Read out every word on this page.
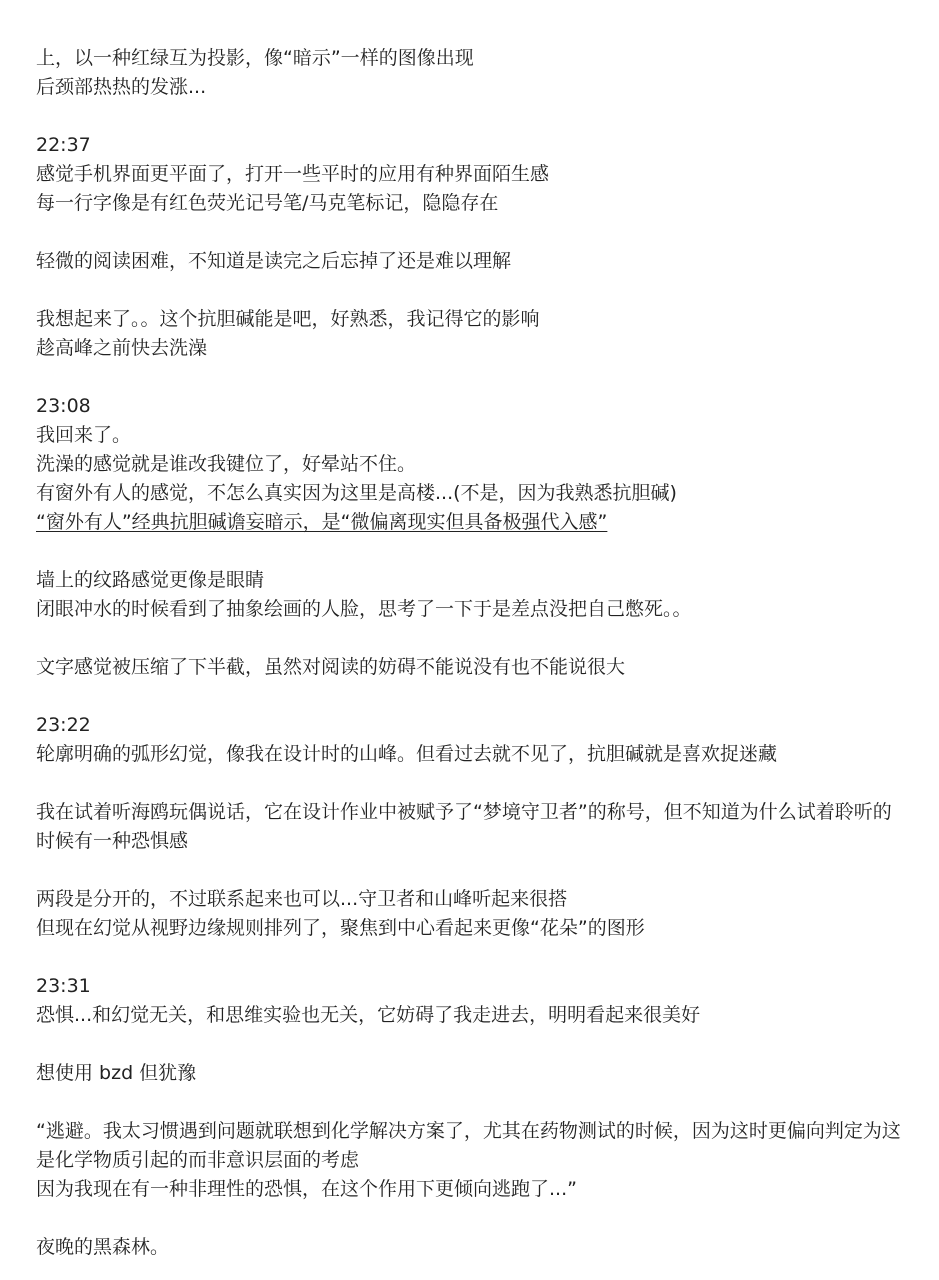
上，以一种红绿互为投影，像“暗示”一样的图像出现
后颈部热热的发涨...
22:37
感觉手机界面更平面了，打开一些平时的应用有种界面陌生感
每一行字像是有红色荧光记号笔/马克笔标记，隐隐存在
轻微的阅读困难，不知道是读完之后忘掉了还是难以理解
我想起来了。。这个抗胆碱能是吧，好熟悉，我记得它的影响
趁高峰之前快去洗澡
23:08
我回来了。
洗澡的感觉就是谁改我键位了，好晕站不住。
有窗外有人的感觉，不怎么真实因为这里是高楼...(不是，因为我熟悉抗胆碱)
“窗外有人”经典抗胆碱谵妄暗示，是“微偏离现实但具备极强代入感”
墙上的纹路感觉更像是眼睛
闭眼冲水的时候看到了抽象绘画的人脸，思考了一下于是差点没把自己憋死。。
文字感觉被压缩了下半截，虽然对阅读的妨碍不能说没有也不能说很大
23:22
轮廓明确的弧形幻觉，像我在设计时的山峰。但看过去就不见了，抗胆碱就是喜欢捉迷藏
我在试着听海鸥玩偶说话，它在设计作业中被赋予了“梦境守卫者”的称号，但不知道为什么试着聆听的
时候有一种恐惧感
两段是分开的，不过联系起来也可以...守卫者和山峰听起来很搭
但现在幻觉从视野边缘规则排列了，聚焦到中心看起来更像“花朵”的图形
23:31
恐惧...和幻觉无关，和思维实验也无关，它妨碍了我走进去，明明看起来很美好
想使用 bzd 但犹豫
“逃避。我太习惯遇到问题就联想到化学解决方案了，尤其在药物测试的时候，因为这时更偏向判定为这
是化学物质引起的而非意识层面的考虑
因为我现在有一种非理性的恐惧，在这个作用下更倾向逃跑了...”
夜晚的黑森林。
